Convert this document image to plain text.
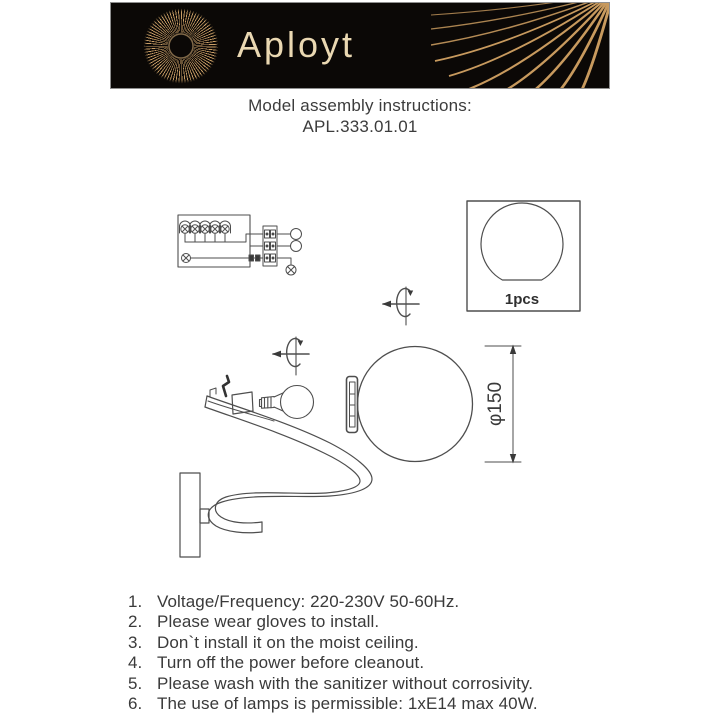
Aployt
Model assembly instructions:
APL.333.01.01
1pcs
φ150
1. Voltage/Frequency: 220-230V 50-60Hz.
2. Please wear gloves to install.
3. Don`t install it on the moist ceiling.
4. Turn off the power before cleanout.
5. Please wash with the sanitizer without corrosivity.
6. The use of lamps is permissible: 1xE14 max 40W.
